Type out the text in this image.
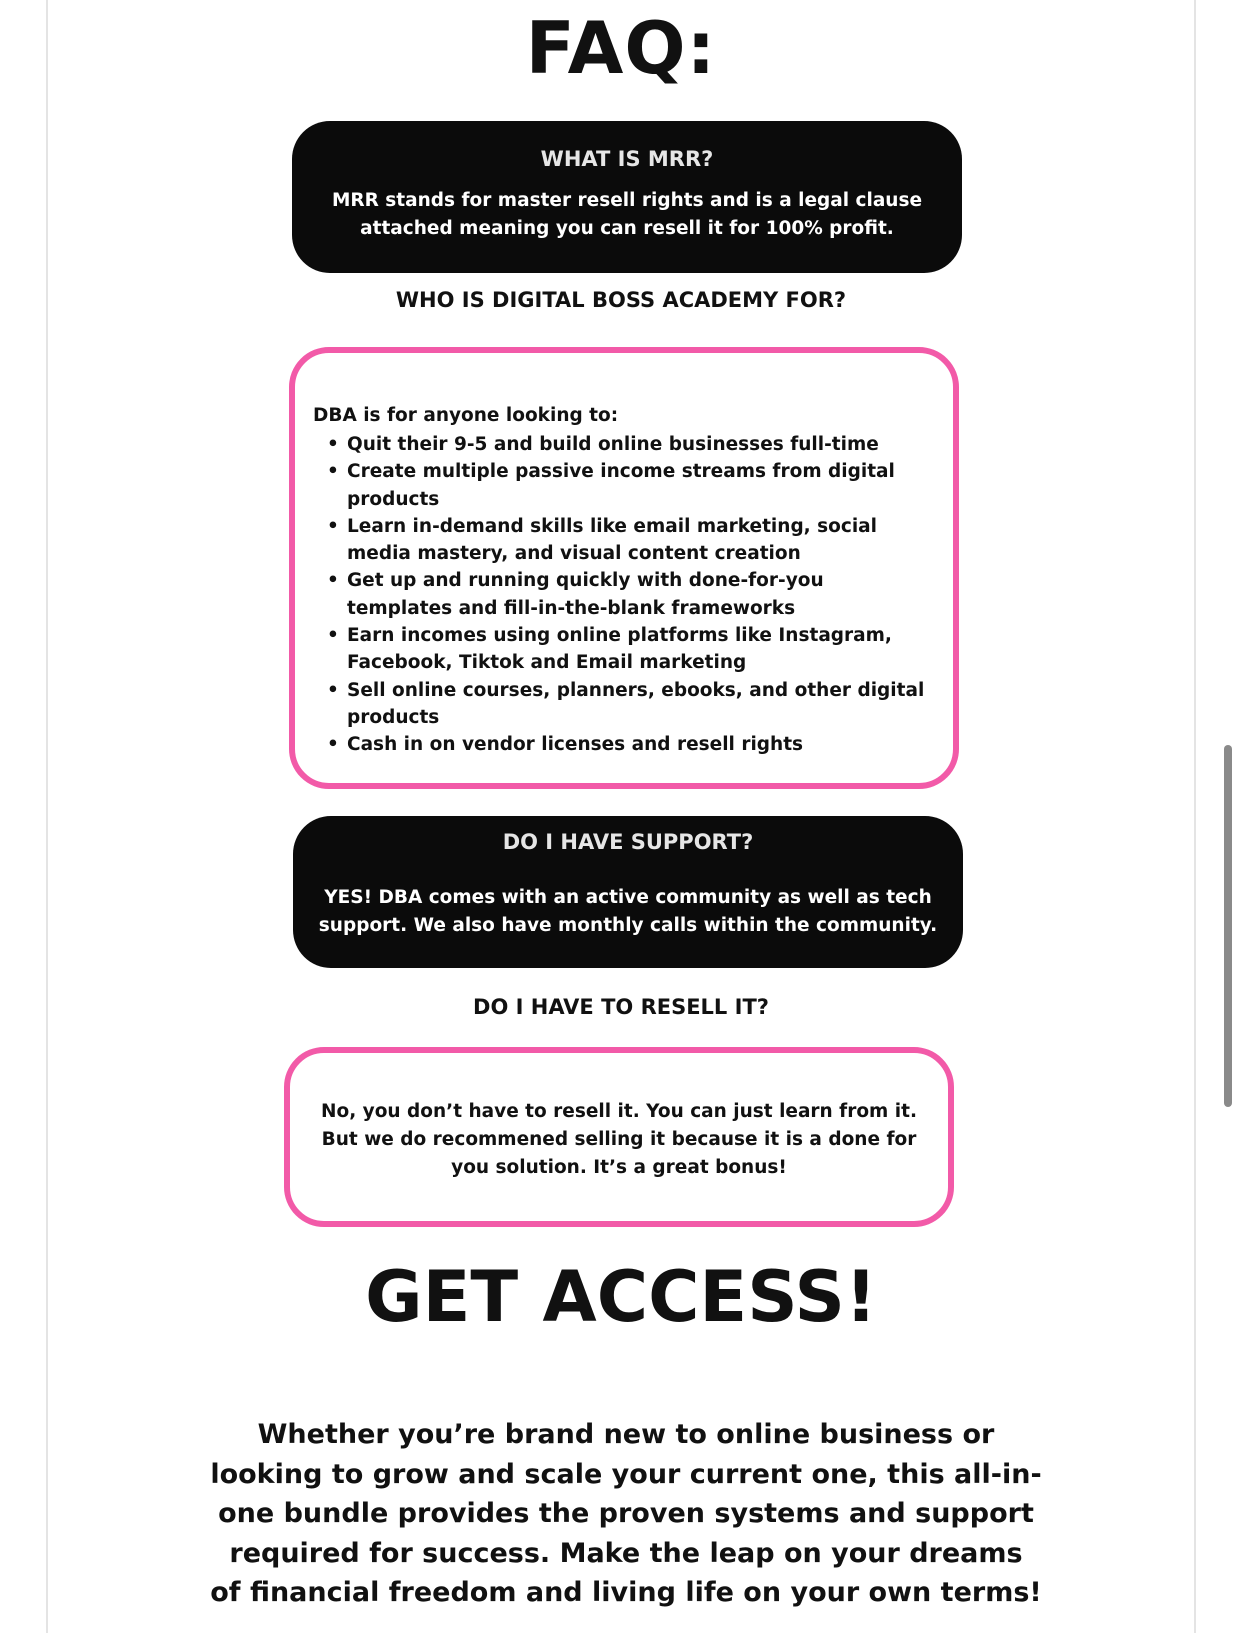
FAQ:
WHAT IS MRR?
MRR stands for master resell rights and is a legal clause attached meaning you can resell it for 100% profit.
WHO IS DIGITAL BOSS ACADEMY FOR?
DBA is for anyone looking to:
• Quit their 9-5 and build online businesses full-time
• Create multiple passive income streams from digital products
• Learn in-demand skills like email marketing, social media mastery, and visual content creation
• Get up and running quickly with done-for-you templates and fill-in-the-blank frameworks
• Earn incomes using online platforms like Instagram, Facebook, Tiktok and Email marketing
• Sell online courses, planners, ebooks, and other digital products
• Cash in on vendor licenses and resell rights
DO I HAVE SUPPORT?
YES! DBA comes with an active community as well as tech support. We also have monthly calls within the community.
DO I HAVE TO RESELL IT?
No, you don’t have to resell it. You can just learn from it. But we do recommened selling it because it is a done for you solution. It’s a great bonus!
GET ACCESS!
Whether you’re brand new to online business or looking to grow and scale your current one, this all-in-one bundle provides the proven systems and support required for success. Make the leap on your dreams of financial freedom and living life on your own terms!
